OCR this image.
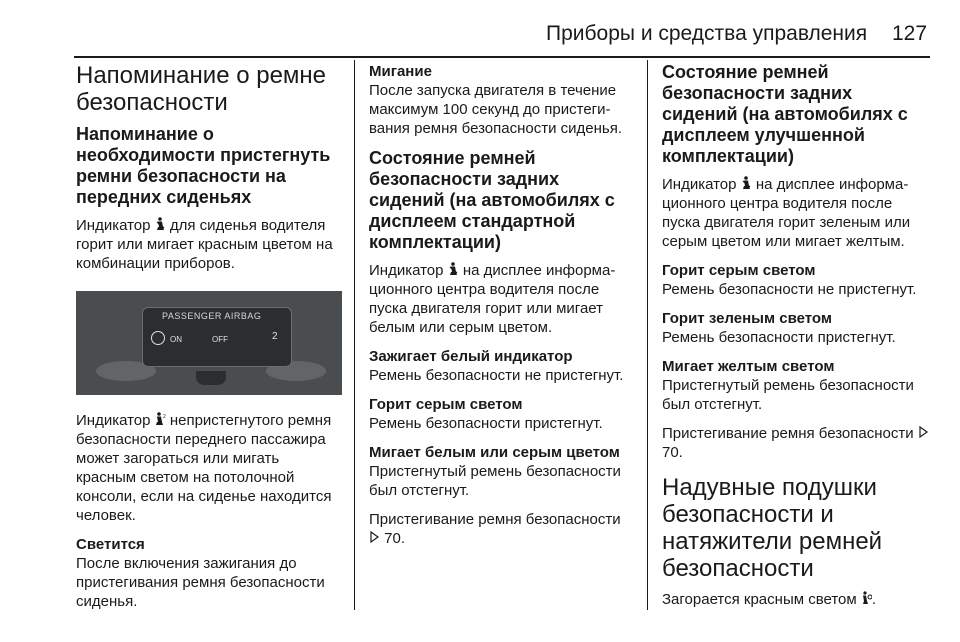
Приборы и средства управления 127
Напоминание о ремне безопасности
Напоминание о необходимости пристегнуть ремни безопасности на передних сиденьях
Индикатор
для сиденья водителя горит или мигает красным цветом на комбинации приборов.
PASSENGER AIRBAG
ON	OFF	2
Индикатор 2 непристегнутого ремня безопасности переднего пассажира может загораться или мигать красным светом на потолочной консоли, если на сиденье находится человек.
Светится
После включения зажигания до пристегивания ремня безопасности сиденья.
Мигание
После запуска двигателя в течение максимум 100 секунд до пристегивания ремня безопасности сиденья.
Состояние ремней безопасности задних сидений (на автомобилях с дисплеем стандартной комплектации)
Индикатор
на дисплее информационного центра водителя после пуска двигателя горит или мигает белым или серым цветом.
Зажигает белый индикатор
Ремень безопасности не пристегнут.
Горит серым светом
Ремень безопасности пристегнут.
Мигает белым или серым цветом
Пристегнутый ремень безопасности был отстегнут.
Пристегивание ремня безопасности
70.
Состояние ремней безопасности задних сидений (на автомобилях с дисплеем улучшенной комплектации)
Индикатор
на дисплее информационного центра водителя после пуска двигателя горит зеленым или серым цветом или мигает желтым.
Горит серым светом
Ремень безопасности не пристегнут.
Горит зеленым светом
Ремень безопасности пристегнут.
Мигает желтым светом
Пристегнутый ремень безопасности был отстегнут.
Пристегивание ремня безопасности
70.
Надувные подушки безопасности и натяжители ремней безопасности
Загорается красным светом
.
